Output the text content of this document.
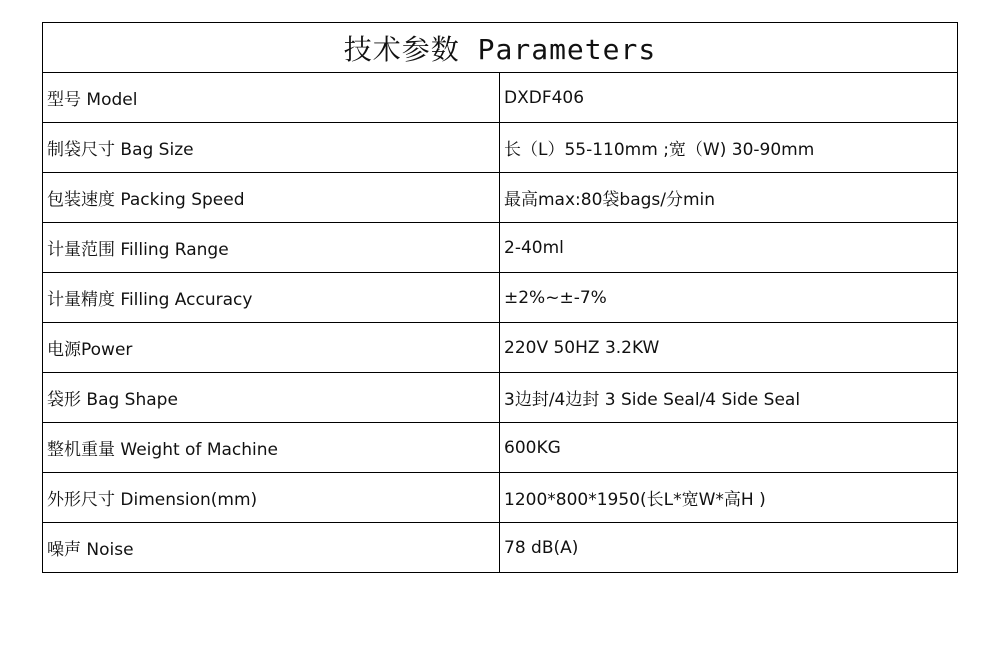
技术参数 Parameters	
型号 Model	DXDF406
制袋尺寸 Bag Size	长（L）55-110mm ;宽（W) 30-90mm
包装速度 Packing Speed	最高max:80袋bags/分min
计量范围 Filling Range	2-40ml
计量精度 Filling Accuracy	±2%~±-7%
电源Power	220V 50HZ 3.2KW
袋形 Bag Shape	3边封/4边封 3 Side Seal/4 Side Seal
整机重量 Weight of Machine	600KG
外形尺寸 Dimension(mm)	1200*800*1950(长L*宽W*高H )
噪声 Noise	78 dB(A)
